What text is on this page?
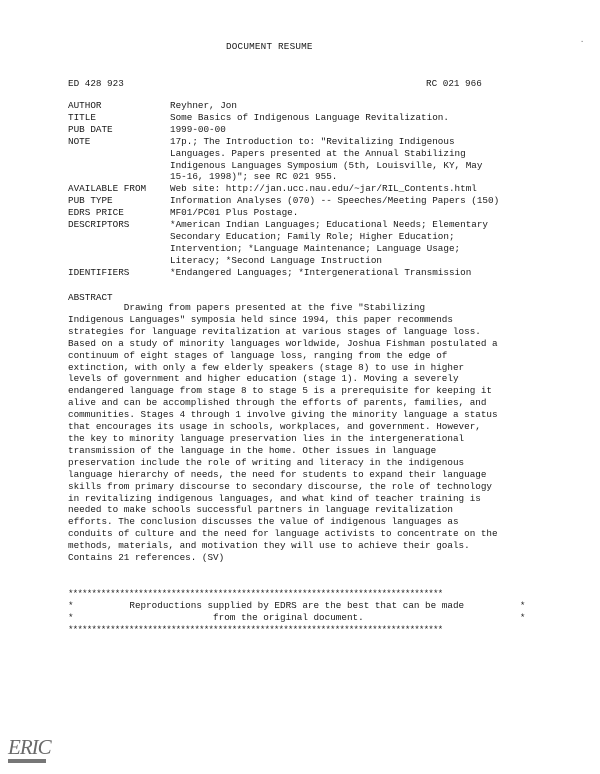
DOCUMENT RESUME	.
ED 428 923	RC 021 966
AUTHOR	Reyhner, Jon
TITLE	Some Basics of Indigenous Language Revitalization.
PUB DATE	1999-00-00
NOTE	17p.; The Introduction to: "Revitalizing Indigenous
Languages. Papers presented at the Annual Stabilizing
Indigenous Languages Symposium (5th, Louisville, KY, May
15-16, 1998)"; see RC 021 955.
AVAILABLE FROM	Web site: http://jan.ucc.nau.edu/~jar/RIL_Contents.html
PUB TYPE	Information Analyses (070) -- Speeches/Meeting Papers (150)
EDRS PRICE	MF01/PC01 Plus Postage.
DESCRIPTORS	*American Indian Languages; Educational Needs; Elementary
Secondary Education; Family Role; Higher Education;
Intervention; *Language Maintenance; Language Usage;
Literacy; *Second Language Instruction
IDENTIFIERS	*Endangered Languages; *Intergenerational Transmission
ABSTRACT
Drawing from papers presented at the five "Stabilizing
Indigenous Languages" symposia held since 1994, this paper recommends
strategies for language revitalization at various stages of language loss.
Based on a study of minority languages worldwide, Joshua Fishman postulated a
continuum of eight stages of language loss, ranging from the edge of
extinction, with only a few elderly speakers (stage 8) to use in higher
levels of government and higher education (stage 1). Moving a severely
endangered language from stage 8 to stage 5 is a prerequisite for keeping it
alive and can be accomplished through the efforts of parents, families, and
communities. Stages 4 through 1 involve giving the minority language a status
that encourages its usage in schools, workplaces, and government. However,
the key to minority language preservation lies in the intergenerational
transmission of the language in the home. Other issues in language
preservation include the role of writing and literacy in the indigenous
language hierarchy of needs, the need for students to expand their language
skills from primary discourse to secondary discourse, the role of technology
in revitalizing indigenous languages, and what kind of teacher training is
needed to make schools successful partners in language revitalization
efforts. The conclusion discusses the value of indigenous languages as
conduits of culture and the need for language activists to concentrate on the
methods, materials, and motivation they will use to achieve their goals.
Contains 21 references. (SV)
********************************************************************************
*          Reproductions supplied by EDRS are the best that can be made          *
*                         from the original document.                            *
********************************************************************************
ERIC
